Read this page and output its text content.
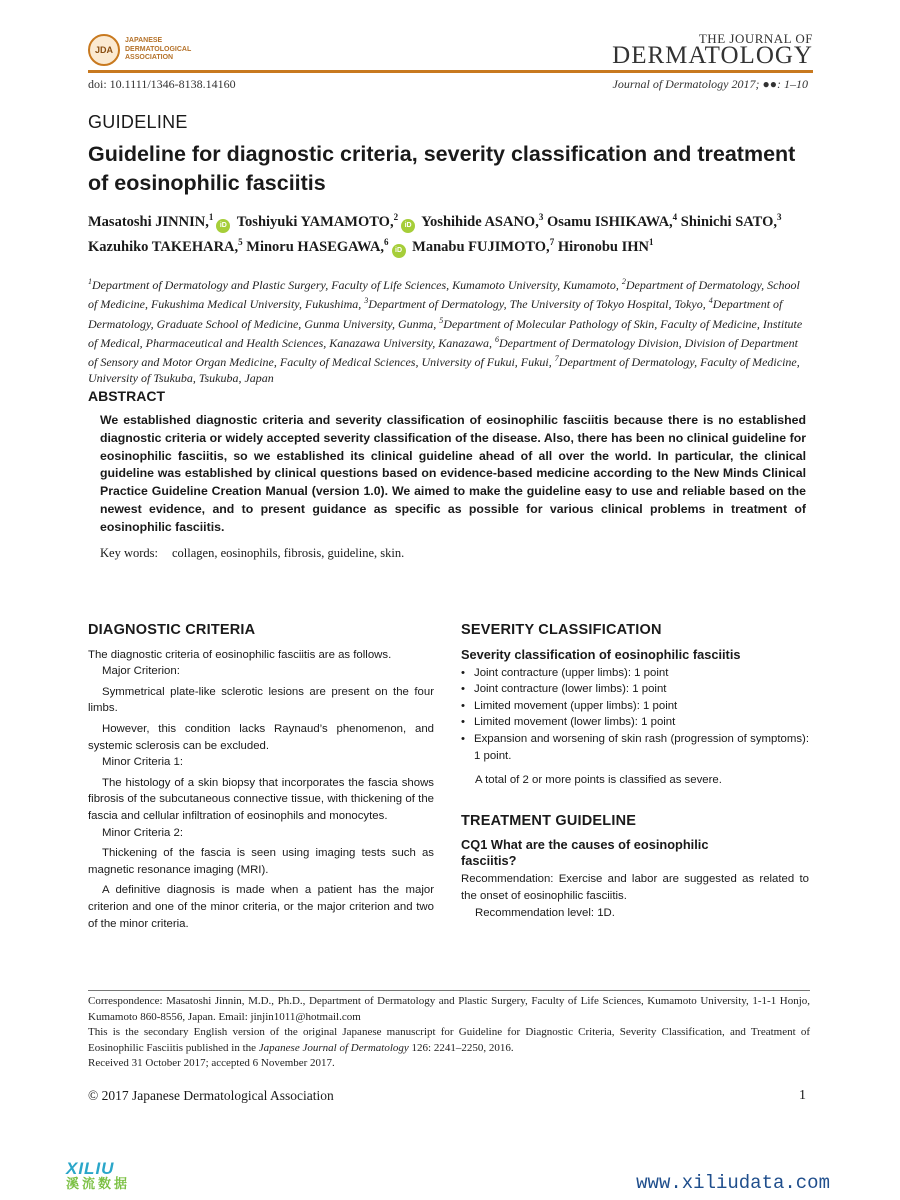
JDA
JAPANESE DERMATOLOGICAL ASSOCIATION
THE JOURNAL OF
DERMATOLOGY
doi: 10.1111/1346-8138.14160	Journal of Dermatology 2017; ●●: 1–10
GUIDELINE
Guideline for diagnostic criteria, severity classification and treatment of eosinophilic fasciitis
Masatoshi JINNIN,$^1$iD Toshiyuki YAMAMOTO,$^2$iD Yoshihide ASANO,$^3$ Osamu ISHIKAWA,$^4$ Shinichi SATO,$^3$ Kazuhiko TAKEHARA,$^5$ Minoru HASEGAWA,$^6$iD Manabu FUJIMOTO,$^7$ Hironobu IHN$^1$
$^1$Department of Dermatology and Plastic Surgery, Faculty of Life Sciences, Kumamoto University, Kumamoto, $^2$Department of Dermatology, School of Medicine, Fukushima Medical University, Fukushima, $^3$Department of Dermatology, The University of Tokyo Hospital, Tokyo, $^4$Department of Dermatology, Graduate School of Medicine, Gunma University, Gunma, $^5$Department of Molecular Pathology of Skin, Faculty of Medicine, Institute of Medical, Pharmaceutical and Health Sciences, Kanazawa University, Kanazawa, $^6$Department of Dermatology Division, Division of Department of Sensory and Motor Organ Medicine, Faculty of Medical Sciences, University of Fukui, Fukui, $^7$Department of Dermatology, Faculty of Medicine, University of Tsukuba, Tsukuba, Japan
ABSTRACT
We established diagnostic criteria and severity classification of eosinophilic fasciitis because there is no established diagnostic criteria or widely accepted severity classification of the disease. Also, there has been no clinical guideline for eosinophilic fasciitis, so we established its clinical guideline ahead of all over the world. In particular, the clinical guideline was established by clinical questions based on evidence-based medicine according to the New Minds Clinical Practice Guideline Creation Manual (version 1.0). We aimed to make the guideline easy to use and reliable based on the newest evidence, and to present guidance as specific as possible for various clinical problems in treatment of eosinophilic fasciitis.
Key words: collagen, eosinophils, fibrosis, guideline, skin.
DIAGNOSTIC CRITERIA

The diagnostic criteria of eosinophilic fasciitis are as follows.

Major Criterion:

Symmetrical plate-like sclerotic lesions are present on the four limbs.

However, this condition lacks Raynaud’s phenomenon, and systemic sclerosis can be excluded.

Minor Criteria 1:

The histology of a skin biopsy that incorporates the fascia shows fibrosis of the subcutaneous connective tissue, with thickening of the fascia and cellular infiltration of eosinophils and monocytes.

Minor Criteria 2:

Thickening of the fascia is seen using imaging tests such as magnetic resonance imaging (MRI).

A definitive diagnosis is made when a patient has the major criterion and one of the minor criteria, or the major criterion and two of the minor criteria.

SEVERITY CLASSIFICATION
Severity classification of eosinophilic fasciitis
• Joint contracture (upper limbs): 1 point
• Joint contracture (lower limbs): 1 point
• Limited movement (upper limbs): 1 point
• Limited movement (lower limbs): 1 point
• Expansion and worsening of skin rash (progression of symptoms): 1 point.

A total of 2 or more points is classified as severe.

TREATMENT GUIDELINE
CQ1 What are the causes of eosinophilic fasciitis?

Recommendation: Exercise and labor are suggested as related to the onset of eosinophilic fasciitis.

Recommendation level: 1D.

Correspondence: Masatoshi Jinnin, M.D., Ph.D., Department of Dermatology and Plastic Surgery, Faculty of Life Sciences, Kumamoto University, 1-1-1 Honjo, Kumamoto 860-8556, Japan. Email: jinjin1011@hotmail.com
This is the secondary English version of the original Japanese manuscript for Guideline for Diagnostic Criteria, Severity Classification, and Treatment of Eosinophilic Fasciitis published in the Japanese Journal of Dermatology 126: 2241–2250, 2016.
Received 31 October 2017; accepted 6 November 2017.
© 2017 Japanese Dermatological Association	1
XILIU
溪流数据	www.xiliudata.com
